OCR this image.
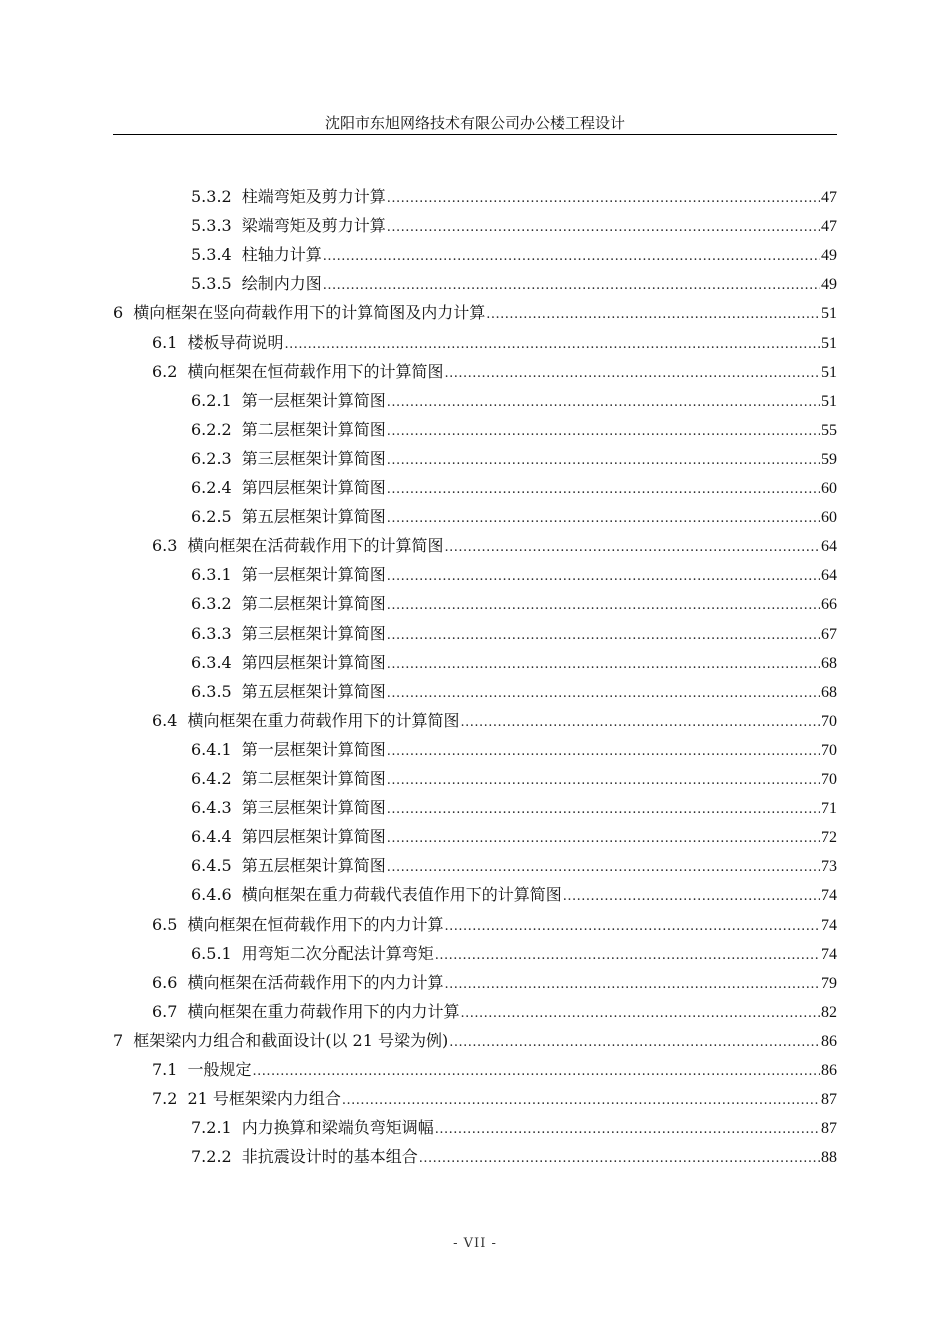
沈阳市东旭网络技术有限公司办公楼工程设计
5.3.2 柱端弯矩及剪力计算 .....	47
5.3.3 梁端弯矩及剪力计算 .....	47
5.3.4 柱轴力计算 .....	49
5.3.5 绘制内力图 .....	49
6 横向框架在竖向荷载作用下的计算简图及内力计算 .....	51
6.1 楼板导荷说明 .....	51
6.2 横向框架在恒荷载作用下的计算简图 .....	51
6.2.1 第一层框架计算简图 .....	51
6.2.2 第二层框架计算简图 .....	55
6.2.3 第三层框架计算简图 .....	59
6.2.4 第四层框架计算简图 .....	60
6.2.5 第五层框架计算简图 .....	60
6.3 横向框架在活荷载作用下的计算简图 .....	64
6.3.1 第一层框架计算简图 .....	64
6.3.2 第二层框架计算简图 .....	66
6.3.3 第三层框架计算简图 .....	67
6.3.4 第四层框架计算简图 .....	68
6.3.5 第五层框架计算简图 .....	68
6.4 横向框架在重力荷载作用下的计算简图 .....	70
6.4.1 第一层框架计算简图 .....	70
6.4.2 第二层框架计算简图 .....	70
6.4.3 第三层框架计算简图 .....	71
6.4.4 第四层框架计算简图 .....	72
6.4.5 第五层框架计算简图 .....	73
6.4.6 横向框架在重力荷载代表值作用下的计算简图 .....	74
6.5 横向框架在恒荷载作用下的内力计算 .....	74
6.5.1 用弯矩二次分配法计算弯矩 .....	74
6.6 横向框架在活荷载作用下的内力计算 .....	79
6.7 横向框架在重力荷载作用下的内力计算 .....	82
7 框架梁内力组合和截面设计(以 21 号梁为例) .....	86
7.1 一般规定 .....	86
7.2 21 号框架梁内力组合 .....	87
7.2.1 内力换算和梁端负弯矩调幅 .....	87
7.2.2 非抗震设计时的基本组合 .....	88
- VII -
